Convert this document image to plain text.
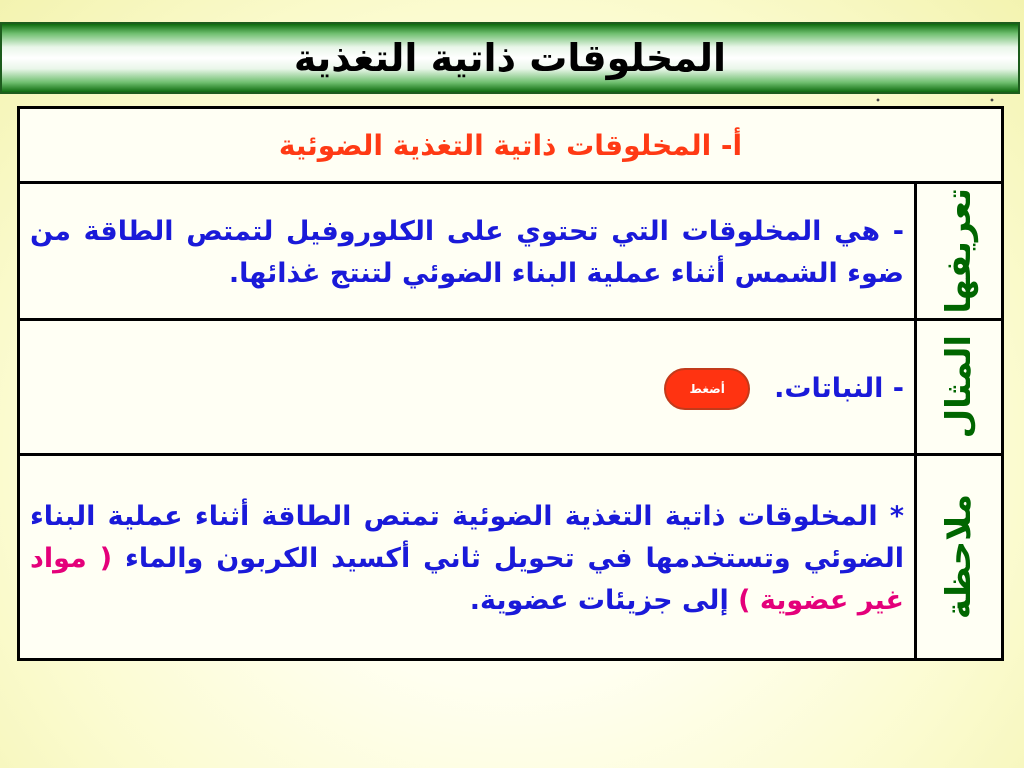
المخلوقات ذاتية التغذية
أ- المخلوقات ذاتية التغذية الضوئية	

تعريفها	- هي المخلوقات التي تحتوي على الكلوروفيل لتمتص الطاقة من ضوء الشمس أثناء عملية البناء الضوئي لتنتج غذائها.

المثال	- النباتات.
أضغط

ملاحظة	* المخلوقات ذاتية التغذية الضوئية تمتص الطاقة أثناء عملية البناء الضوئي وتستخدمها في تحويل ثاني أكسيد الكربون والماء ( مواد غير عضوية ) إلى جزيئات عضوية.
